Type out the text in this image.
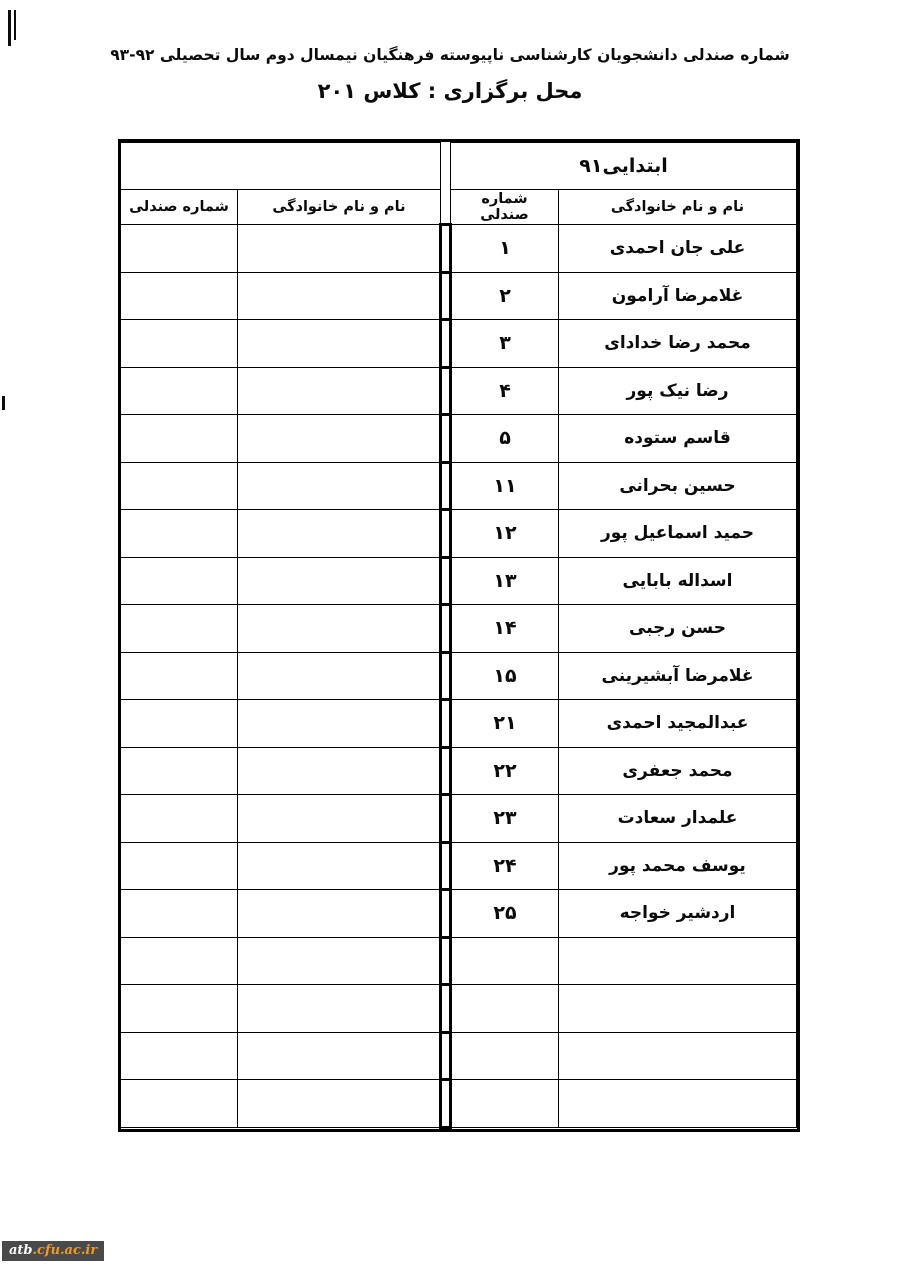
شماره صندلی دانشجویان کارشناسی ناپیوسته فرهنگیان نیمسال دوم سال تحصیلی ۹۲-۹۳
محل برگزاری : کلاس ۲۰۱
ابتدایی۹۱				
نام و نام خانوادگی	شماره صندلی		نام و نام خانوادگی	شماره صندلی
علی جان احمدی	۱			
غلامرضا آرامون	۲			
محمد رضا خدادای	۳			
رضا نیک پور	۴			
قاسم ستوده	۵			
حسین بحرانی	۱۱			
حمید اسماعیل پور	۱۲			
اسداله بابایی	۱۳			
حسن رجبی	۱۴			
غلامرضا آبشیرینی	۱۵			
عبدالمجید احمدی	۲۱			
محمد جعفری	۲۲			
علمدار سعادت	۲۳			
یوسف محمد پور	۲۴			
اردشیر خواجه	۲۵			

atb.cfu.ac.ir
